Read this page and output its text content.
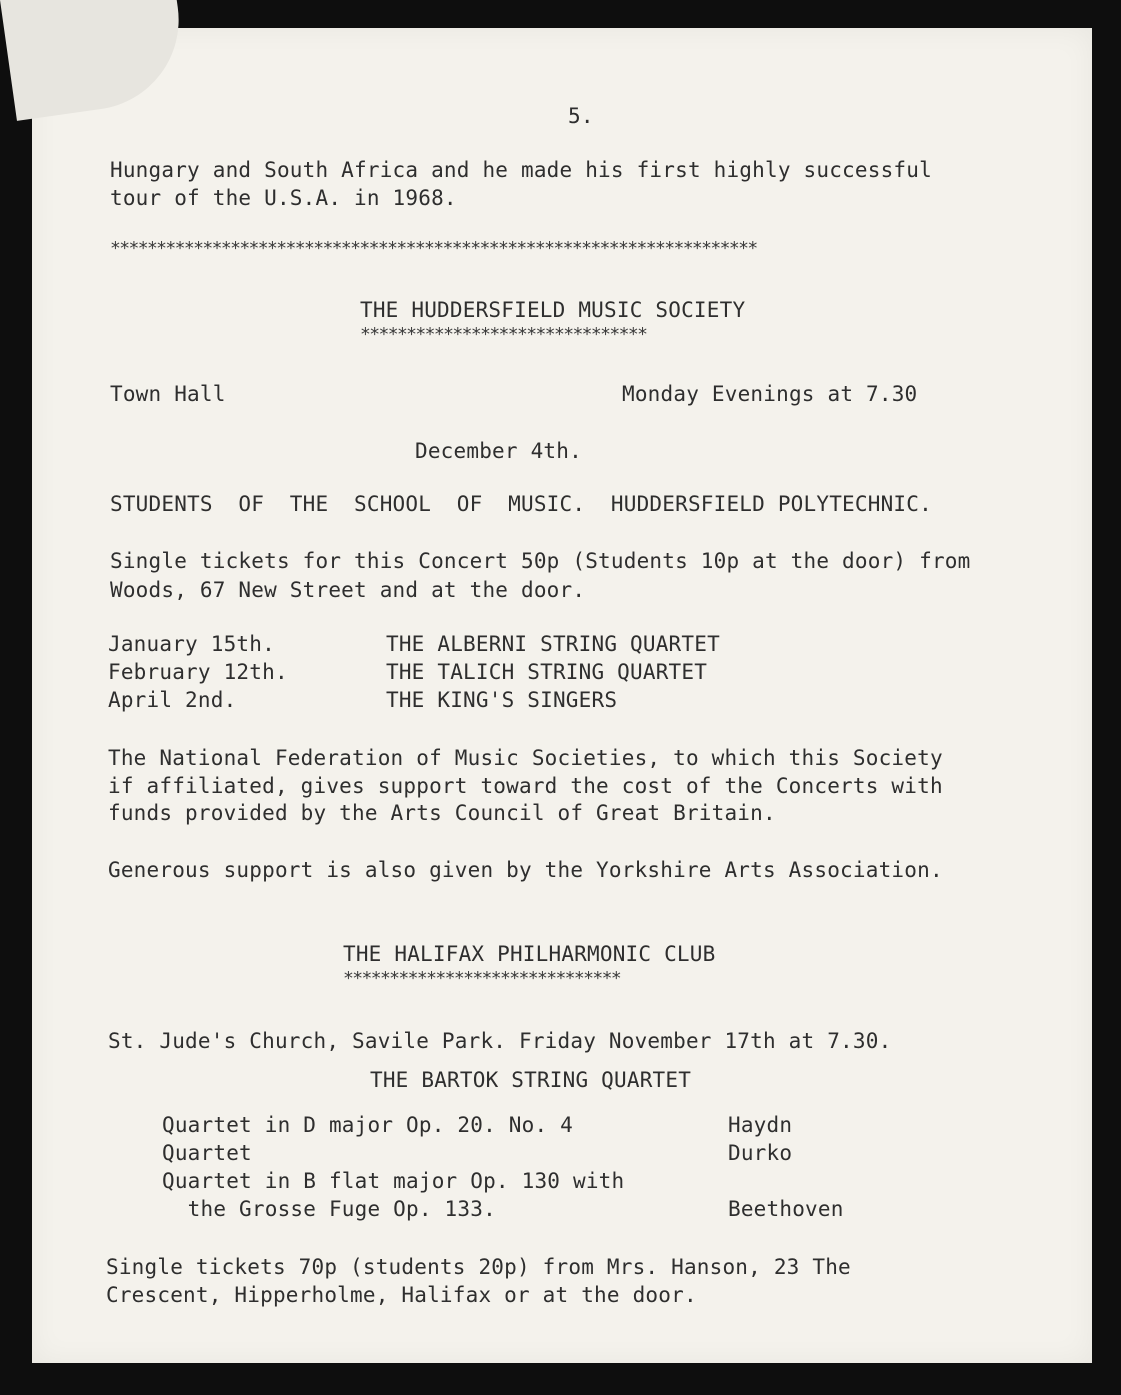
5.
Hungary and South Africa and he made his first highly successful
tour of the U.S.A. in 1968.
**********************************************************************
THE HUDDERSFIELD MUSIC SOCIETY
*******************************
Town Hall	Monday Evenings at 7.30
December 4th.
STUDENTS  OF  THE  SCHOOL  OF  MUSIC.  HUDDERSFIELD POLYTECHNIC.
Single tickets for this Concert 50p (Students 10p at the door) from
Woods, 67 New Street and at the door.
January 15th.	THE ALBERNI STRING QUARTET
February 12th.	THE TALICH STRING QUARTET
April 2nd.	THE KING'S SINGERS
The National Federation of Music Societies, to which this Society
if affiliated, gives support toward the cost of the Concerts with
funds provided by the Arts Council of Great Britain.
Generous support is also given by the Yorkshire Arts Association.
THE HALIFAX PHILHARMONIC CLUB
******************************
St. Jude's Church, Savile Park. Friday November 17th at 7.30.
THE BARTOK STRING QUARTET
Quartet in D major Op. 20. No. 4	Haydn
Quartet	Durko
Quartet in B flat major Op. 130 with
the Grosse Fuge Op. 133.	Beethoven
Single tickets 70p (students 20p) from Mrs. Hanson, 23 The
Crescent, Hipperholme, Halifax or at the door.
